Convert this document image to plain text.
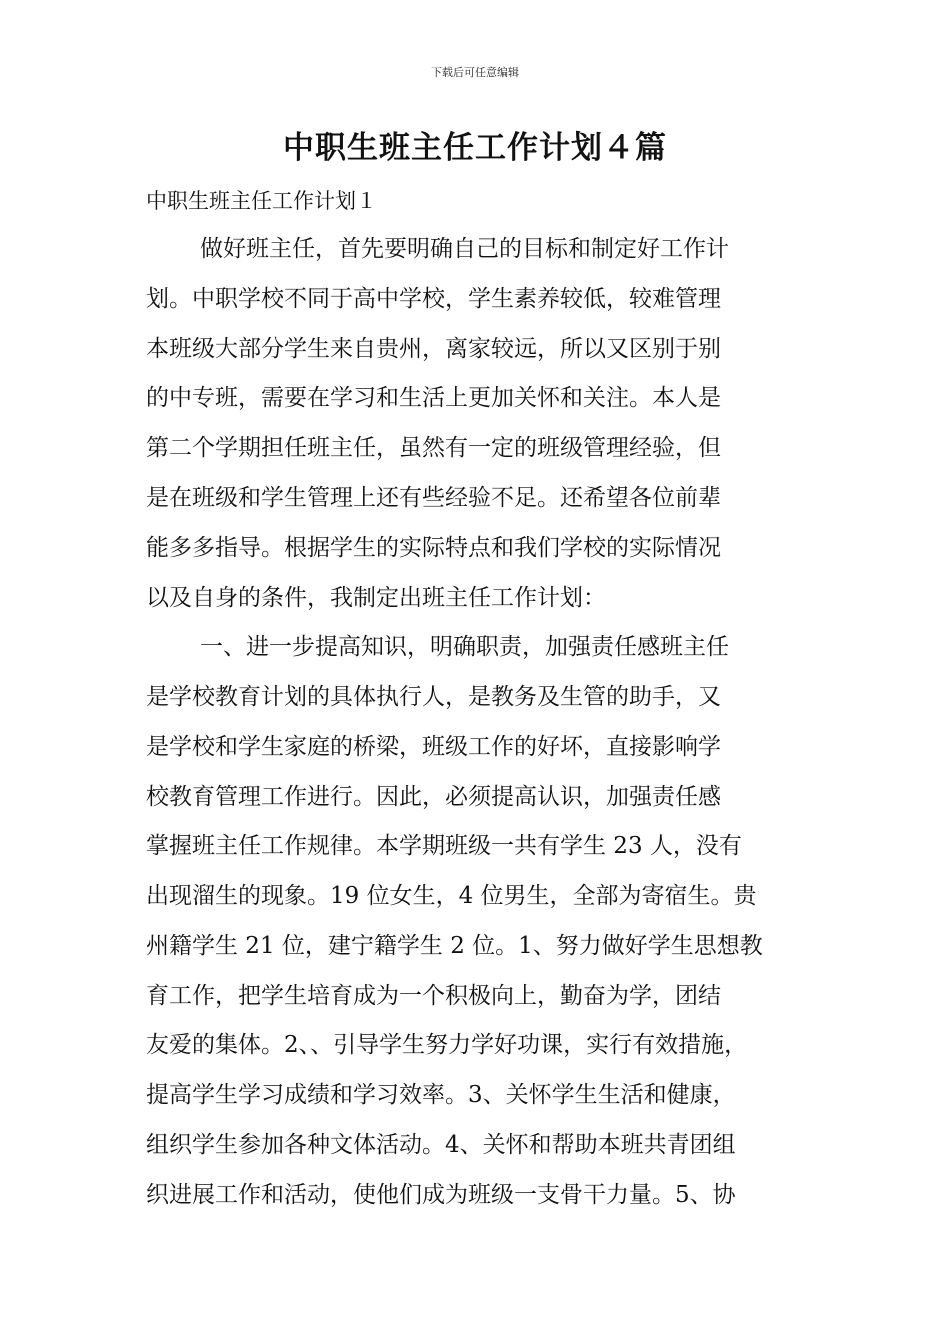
下载后可任意编辑
中职生班主任工作计划４篇

中职生班主任工作计划１

做好班主任，首先要明确自己的目标和制定好工作计

划。中职学校不同于高中学校，学生素养较低，较难管理

本班级大部分学生来自贵州，离家较远，所以又区别于别

的中专班，需要在学习和生活上更加关怀和关注。本人是

第二个学期担任班主任，虽然有一定的班级管理经验，但

是在班级和学生管理上还有些经验不足。还希望各位前辈

能多多指导。根据学生的实际特点和我们学校的实际情况

以及自身的条件，我制定出班主任工作计划：

一、进一步提高知识，明确职责，加强责任感班主任

是学校教育计划的具体执行人，是教务及生管的助手，又

是学校和学生家庭的桥梁，班级工作的好坏，直接影响学

校教育管理工作进行。因此，必须提高认识，加强责任感

掌握班主任工作规律。本学期班级一共有学生 23 人，没有

出现溜生的现象。19 位女生，4 位男生，全部为寄宿生。贵

州籍学生 21 位，建宁籍学生 2 位。1、努力做好学生思想教

育工作，把学生培育成为一个积极向上，勤奋为学，团结

友爱的集体。2、、引导学生努力学好功课，实行有效措施，

提高学生学习成绩和学习效率。3、关怀学生生活和健康，

组织学生参加各种文体活动。4、关怀和帮助本班共青团组

织进展工作和活动，使他们成为班级一支骨干力量。5、协
